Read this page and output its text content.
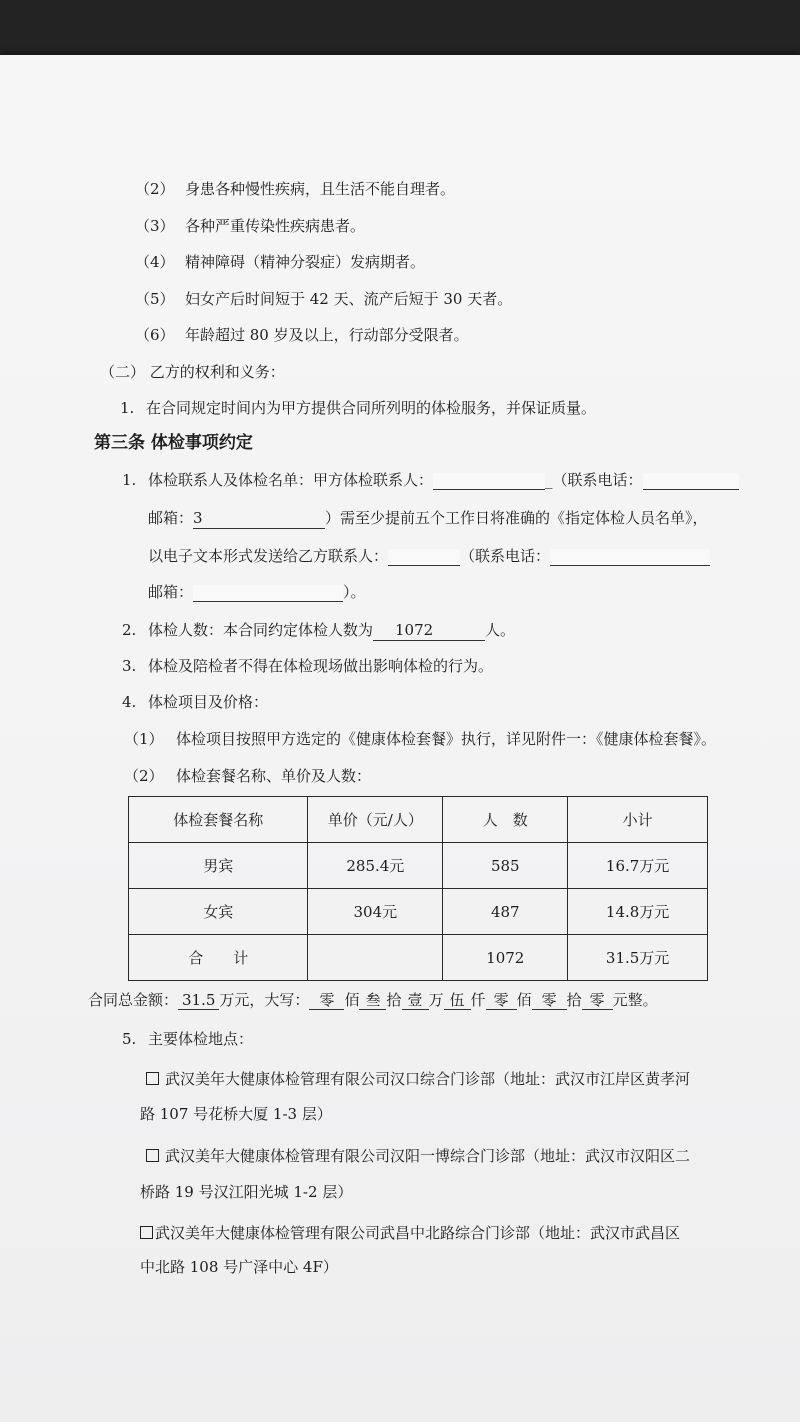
（2） 身患各种慢性疾病，且生活不能自理者。
（3） 各种严重传染性疾病患者。
（4） 精神障碍（精神分裂症）发病期者。
（5） 妇女产后时间短于 42 天、流产后短于 30 天者。
（6） 年龄超过 80 岁及以上，行动部分受限者。
（二） 乙方的权利和义务：
1. 在合同规定时间内为甲方提供合同所列明的体检服务，并保证质量。
第三条 体检事项约定
1. 体检联系人及体检名单：甲方体检联系人：	_（联系电话：
邮箱：3	）需至少提前五个工作日将准确的《指定体检人员名单》，
以电子文本形式发送给乙方联系人：	（联系电话：
邮箱：	）。
2. 体检人数：本合同约定体检人数为 1072	人。
3. 体检及陪检者不得在体检现场做出影响体检的行为。
4. 体检项目及价格：
（1） 体检项目按照甲方选定的《健康体检套餐》执行，详见附件一：《健康体检套餐》。
（2） 体检套餐名称、单价及人数：
体检套餐名称	单价（元/人）	人　数	小计
男宾	285.4元	585	16.7万元
女宾	304元	487	14.8万元
合　　计		1072	31.5万元
合同总金额： 31.5 万元，大写： 零 佰 叁 拾 壹 万 伍 仟 零 佰 零 拾 零 元整。
5. 主要体检地点：
武汉美年大健康体检管理有限公司汉口综合门诊部（地址：武汉市江岸区黄孝河
路 107 号花桥大厦 1-3 层）
武汉美年大健康体检管理有限公司汉阳一博综合门诊部（地址：武汉市汉阳区二
桥路 19 号汉江阳光城 1-2 层）
武汉美年大健康体检管理有限公司武昌中北路综合门诊部（地址：武汉市武昌区
中北路 108 号广泽中心 4F）
